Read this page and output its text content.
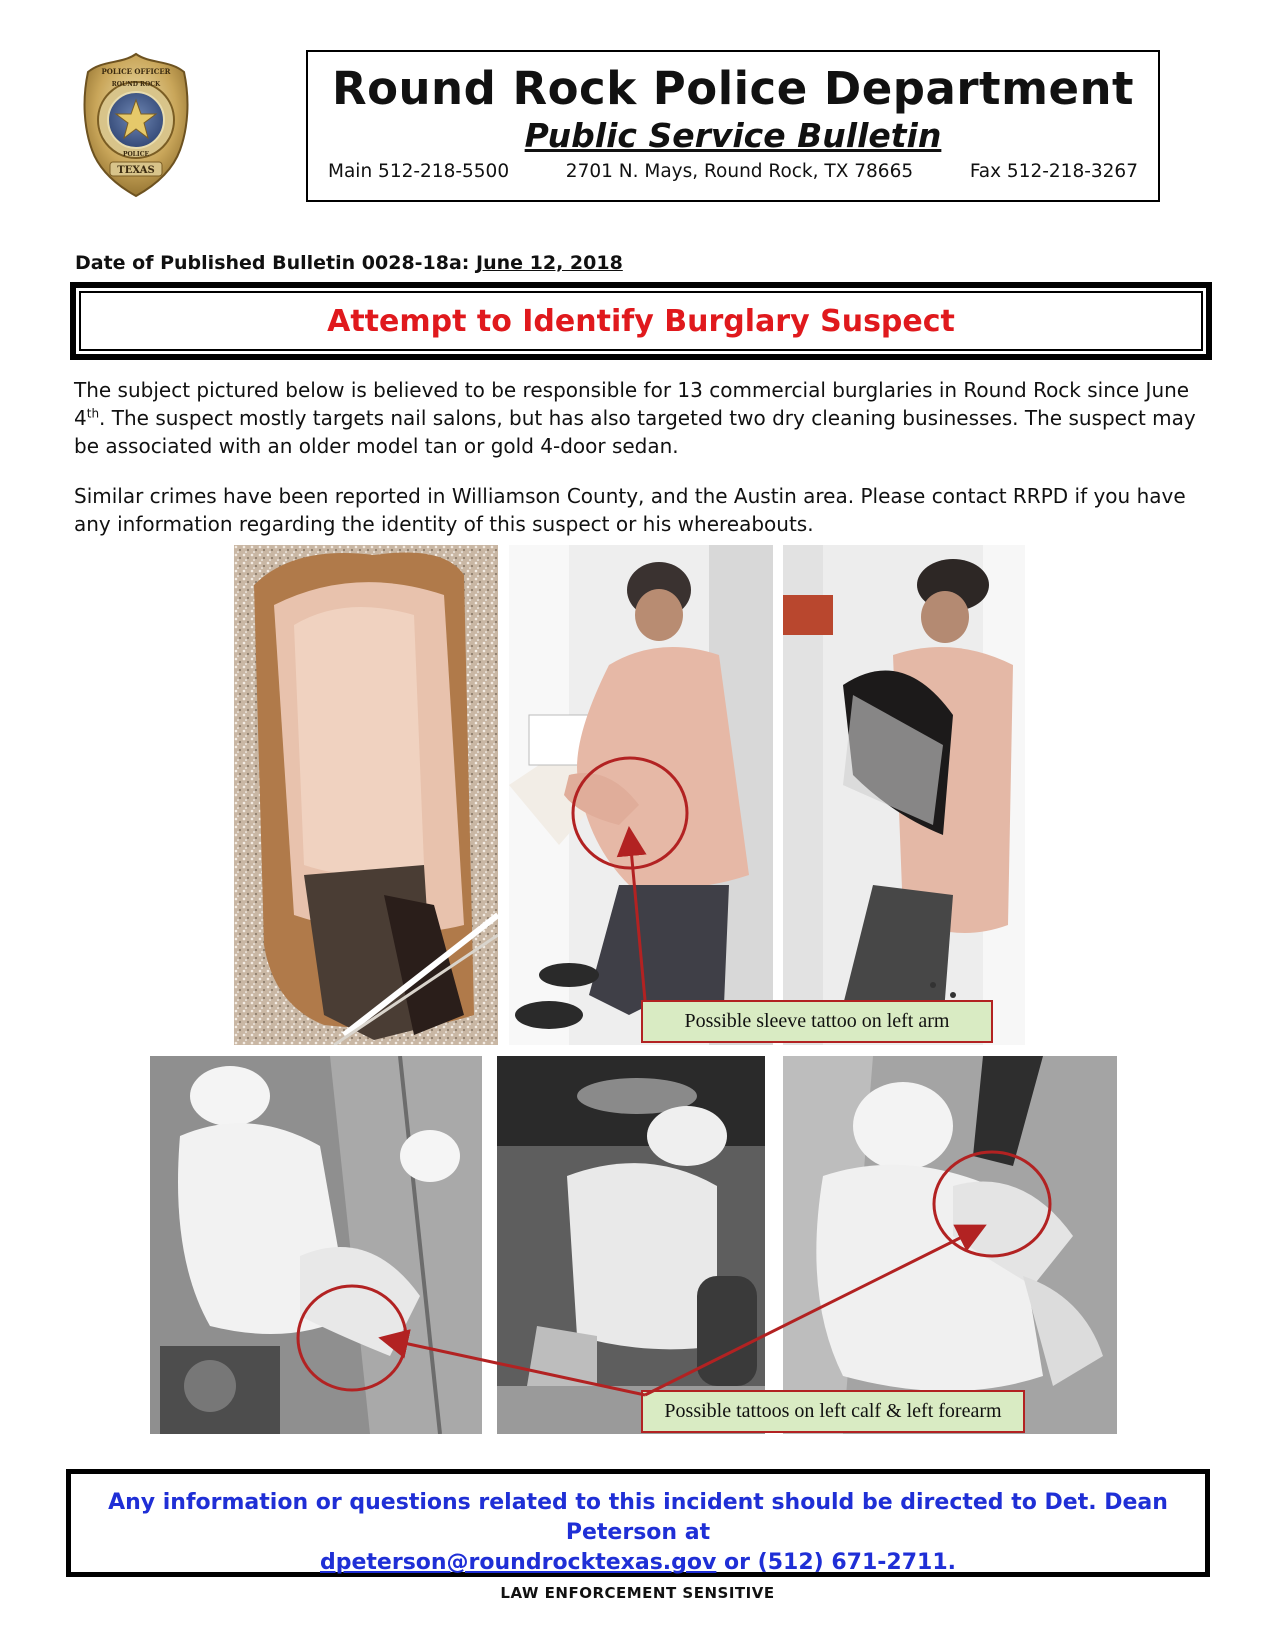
TEXAS
POLICE OFFICER
ROUND ROCK
POLICE
Round Rock Police Department
Public Service Bulletin
Main 512-218-5500	2701 N. Mays, Round Rock, TX 78665	Fax 512-218-3267
Date of Published Bulletin 0028-18a: June 12, 2018
Attempt to Identify Burglary Suspect
The subject pictured below is believed to be responsible for 13 commercial burglaries in Round Rock since June 4th. The suspect mostly targets nail salons, but has also targeted two dry cleaning businesses. The suspect may be associated with an older model tan or gold 4-door sedan.
Similar crimes have been reported in Williamson County, and the Austin area. Please contact RRPD if you have any information regarding the identity of this suspect or his whereabouts.
Possible sleeve tattoo on left arm
Possible tattoos on left calf & left forearm
Any information or questions related to this incident should be directed to Det. Dean Peterson at
dpeterson@roundrocktexas.gov or (512) 671-2711.
LAW ENFORCEMENT SENSITIVE
